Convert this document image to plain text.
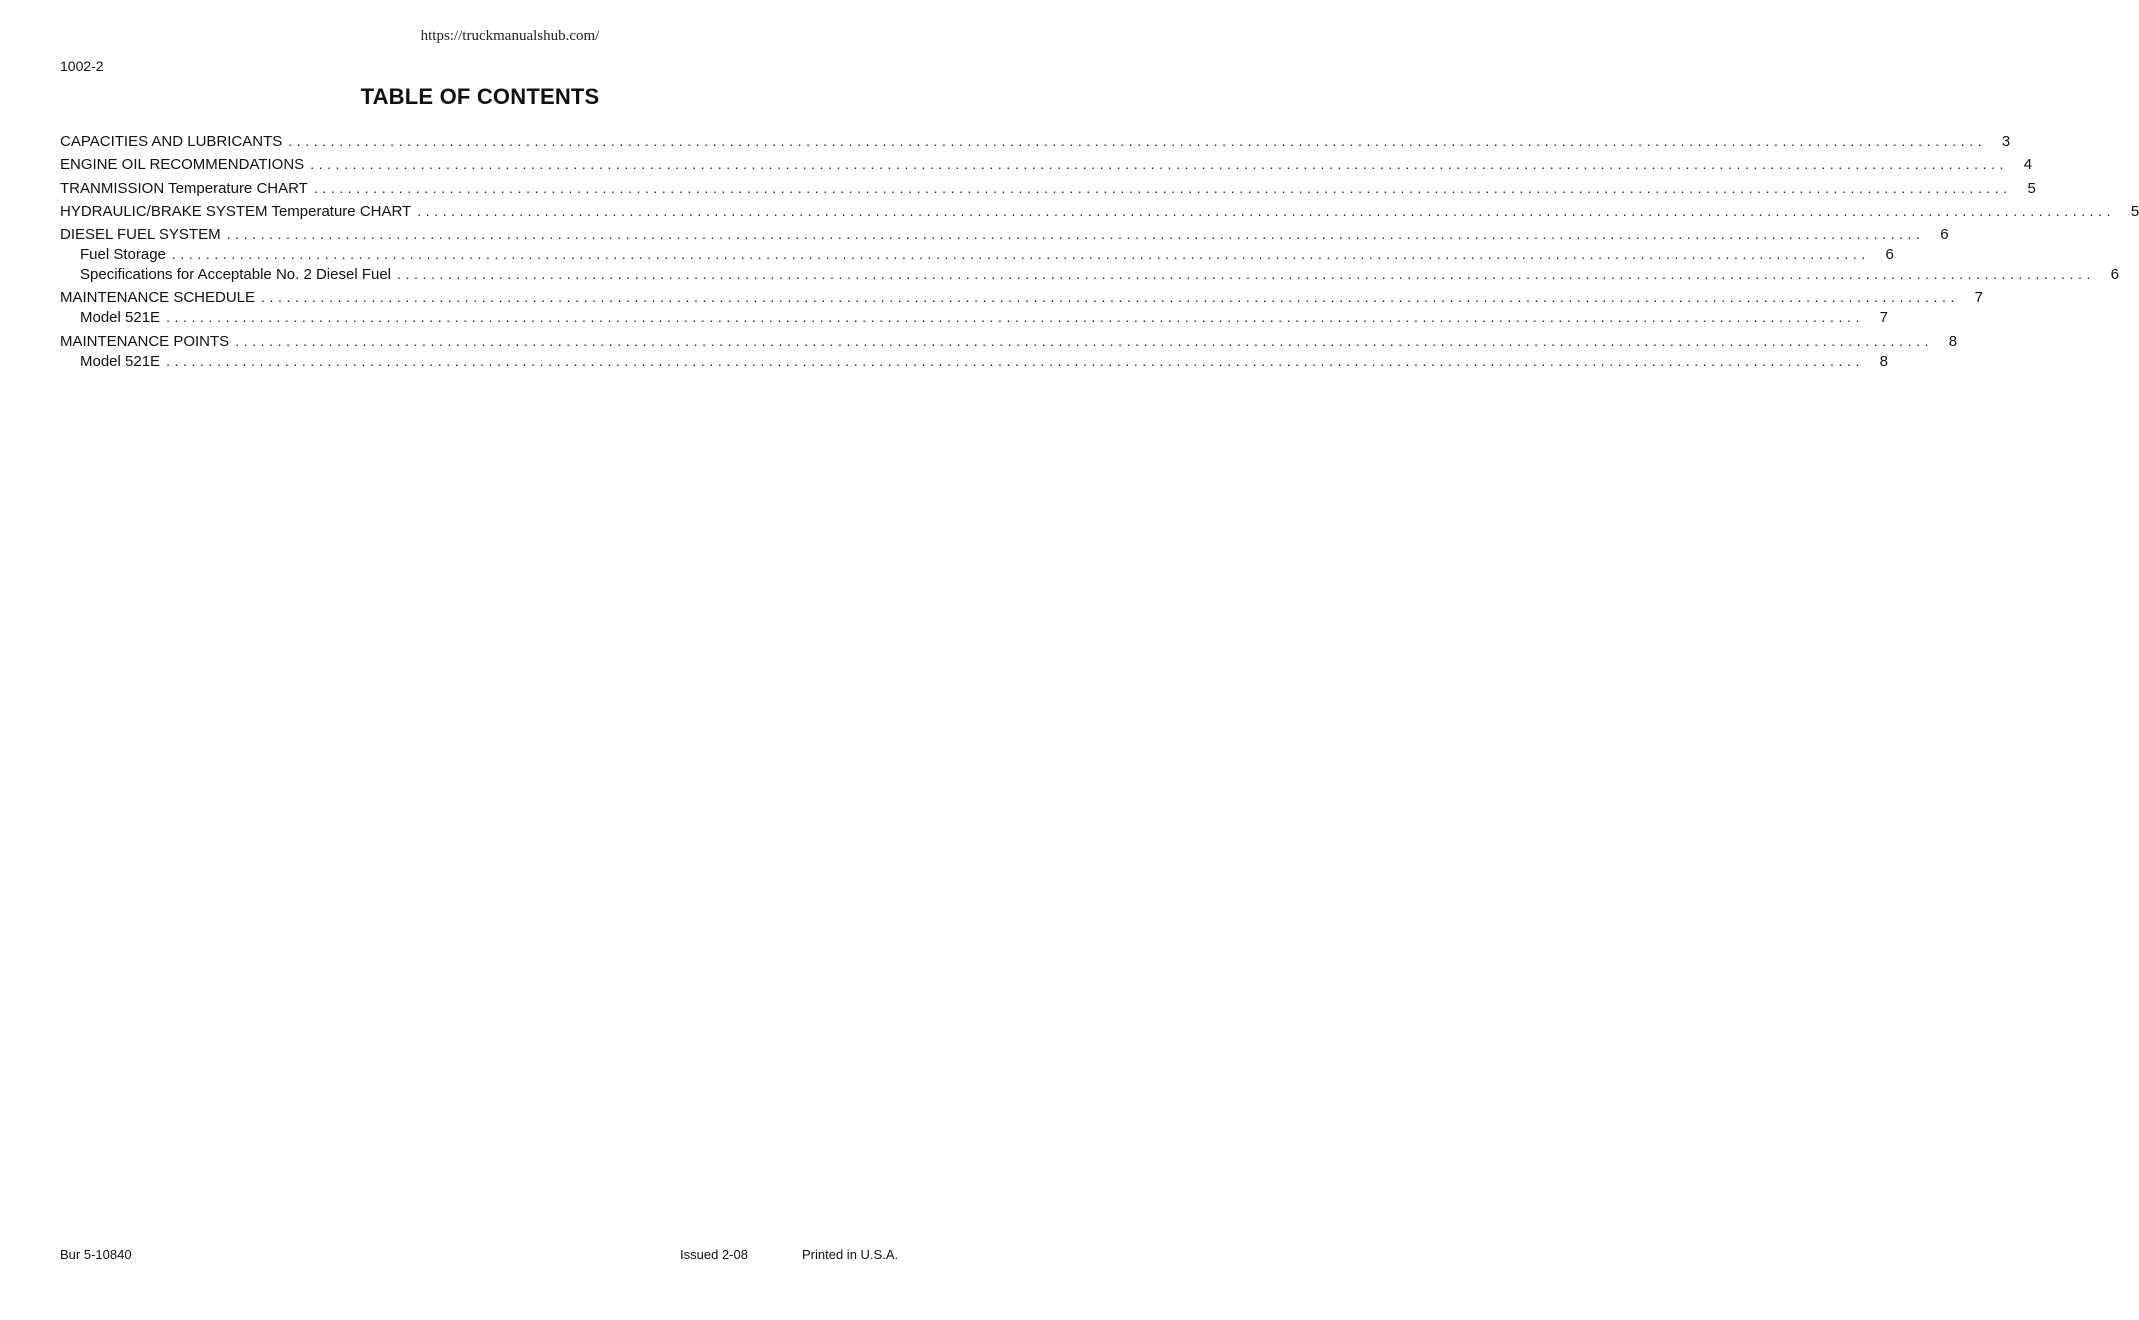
https://truckmanualshub.com/
1002-2
TABLE OF CONTENTS
CAPACITIES AND LUBRICANTS ........................................................................................................................................................................................................	3
ENGINE OIL RECOMMENDATIONS ........................................................................................................................................................................................................	4
TRANMISSION Temperature CHART ........................................................................................................................................................................................................	5
HYDRAULIC/BRAKE SYSTEM Temperature CHART ........................................................................................................................................................................................................	5
DIESEL FUEL SYSTEM ........................................................................................................................................................................................................	6
Fuel Storage ........................................................................................................................................................................................................	6
Specifications for Acceptable No. 2 Diesel Fuel ........................................................................................................................................................................................................	6
MAINTENANCE SCHEDULE ........................................................................................................................................................................................................	7
Model 521E ........................................................................................................................................................................................................	7
MAINTENANCE POINTS ........................................................................................................................................................................................................	8
Model 521E ........................................................................................................................................................................................................	8
Bur 5-10840	Issued 2-08	Printed in U.S.A.
